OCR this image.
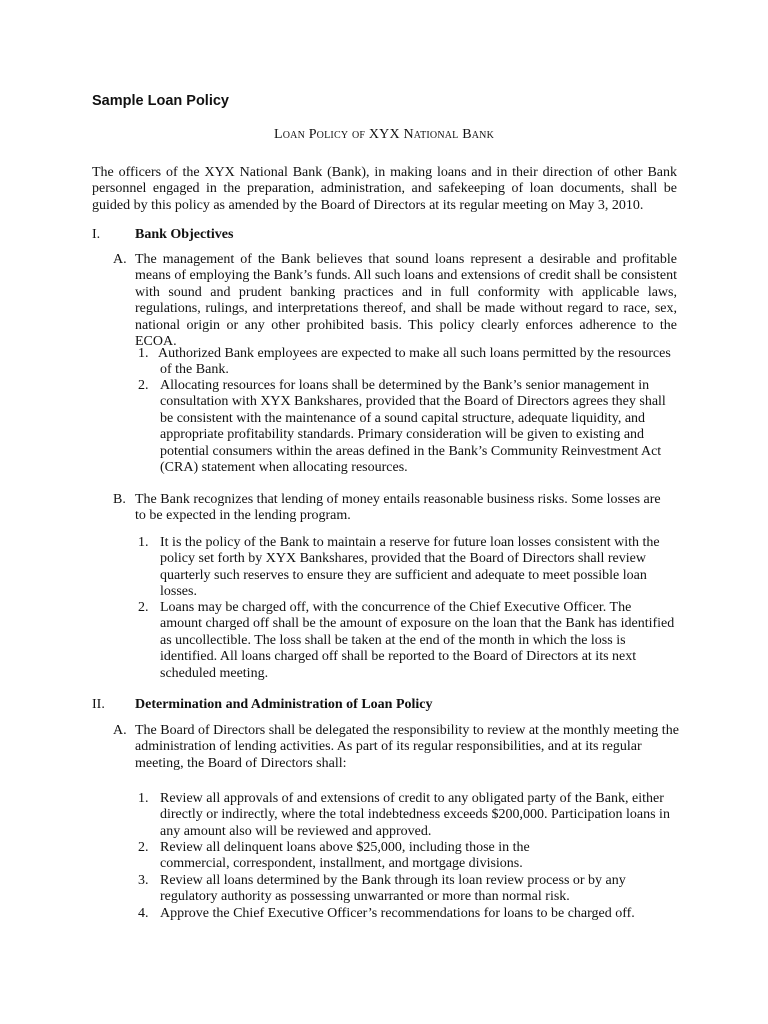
Sample Loan Policy
Loan Policy of XYX National Bank
The officers of the XYX National Bank (Bank), in making loans and in their direction of other Bank personnel engaged in the preparation, administration, and safekeeping of loan documents, shall be guided by this policy as amended by the Board of Directors at its regular meeting on May 3, 2010.
I. Bank Objectives
A. The management of the Bank believes that sound loans represent a desirable and profitable means of employing the Bank’s funds. All such loans and extensions of credit shall be consistent with sound and prudent banking practices and in full conformity with applicable laws, regulations, rulings, and interpretations thereof, and shall be made without regard to race, sex, national origin or any other prohibited basis. This policy clearly enforces adherence to the ECOA.
1. Authorized Bank employees are expected to make all such loans permitted by the resources of the Bank.
2. Allocating resources for loans shall be determined by the Bank’s senior management in consultation with XYX Bankshares, provided that the Board of Directors agrees they shall be consistent with the maintenance of a sound capital structure, adequate liquidity, and appropriate profitability standards. Primary consideration will be given to existing and potential consumers within the areas defined in the Bank’s Community Reinvestment Act (CRA) statement when allocating resources.
B. The Bank recognizes that lending of money entails reasonable business risks. Some losses are to be expected in the lending program.
1. It is the policy of the Bank to maintain a reserve for future loan losses consistent with the policy set forth by XYX Bankshares, provided that the Board of Directors shall review quarterly such reserves to ensure they are sufficient and adequate to meet possible loan losses.
2. Loans may be charged off, with the concurrence of the Chief Executive Officer. The amount charged off shall be the amount of exposure on the loan that the Bank has identified as uncollectible. The loss shall be taken at the end of the month in which the loss is identified. All loans charged off shall be reported to the Board of Directors at its next scheduled meeting.
II. Determination and Administration of Loan Policy
A. The Board of Directors shall be delegated the responsibility to review at the monthly meeting the administration of lending activities. As part of its regular responsibilities, and at its regular meeting, the Board of Directors shall:
1. Review all approvals of and extensions of credit to any obligated party of the Bank, either directly or indirectly, where the total indebtedness exceeds $200,000. Participation loans in any amount also will be reviewed and approved.
2. Review all delinquent loans above $25,000, including those in the commercial, correspondent, installment, and mortgage divisions.
3. Review all loans determined by the Bank through its loan review process or by any regulatory authority as possessing unwarranted or more than normal risk.
4. Approve the Chief Executive Officer’s recommendations for loans to be charged off.
